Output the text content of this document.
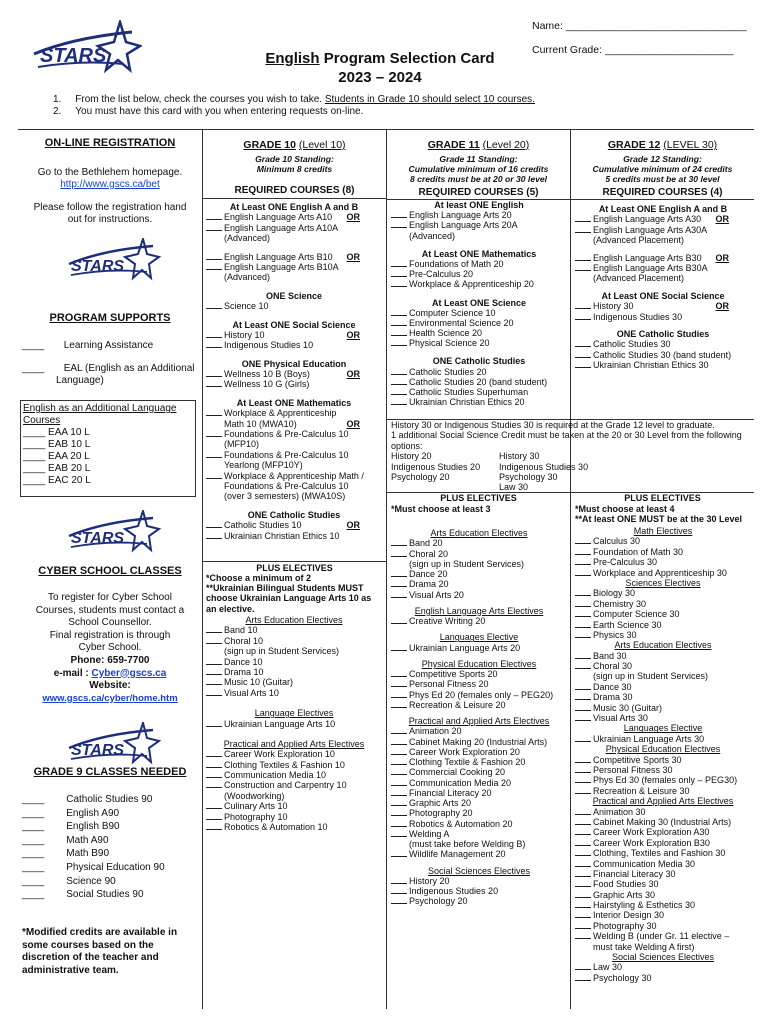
STARS	English Program Selection Card
2023 – 2024
Name: _______________________________
Current Grade: ______________________
1. From the list below, check the courses you wish to take. Students in Grade 10 should select 10 courses.
2. You must have this card with you when entering requests on-line.
ON-LINE REGISTRATION
Go to the Bethlehem homepage.
http://www.gscs.ca/bet
Please follow the registration hand
out for instructions.
STARS
PROGRAM SUPPORTS
____ Learning Assistance
____ EAL (English as an Additional
Language)
English as an Additional Language
Courses
____ EAA 10 L
____ EAB 10 L
____ EAA 20 L
____ EAB 20 L
____ EAC 20 L
STARS
CYBER SCHOOL CLASSES
To register for Cyber School
Courses, students must contact a
School Counsellor.
Final registration is through
Cyber School.
Phone: 659-7700
e-mail : Cyber@gscs.ca
Website:
www.gscs.ca/cyber/home.htm
STARS
GRADE 9 CLASSES NEEDED
____ Catholic Studies 90
____ English A90
____ English B90
____ Math A90
____ Math B90
____ Physical Education 90
____ Science 90
____ Social Studies 90
*Modified credits are available in
some courses based on the
discretion of the teacher and
administrative team.
GRADE 10 (Level 10)
Grade 10 Standing:
Minimum 8 credits
REQUIRED COURSES (8)
At Least ONE English A and B
English Language Arts A10 OR
English Language Arts A10A
(Advanced)
English Language Arts B10 OR
English Language Arts B10A
(Advanced)
ONE Science
Science 10
At Least ONE Social Science
History 10	OR
Indigenous Studies 10
ONE Physical Education
Wellness 10 B (Boys)	OR
Wellness 10 G (Girls)
At Least ONE Mathematics
Workplace & Apprenticeship
Math 10 (MWA10)	OR
Foundations & Pre-Calculus 10
(MFP10)
Foundations & Pre-Calculus 10
Yearlong (MFP10Y)
Workplace & Apprenticeship Math /
Foundations & Pre-Calculus 10
(over 3 semesters) (MWA10S)
ONE Catholic Studies
Catholic Studies 10	OR
Ukrainian Christian Ethics 10
PLUS ELECTIVES
*Choose a minimum of 2
**Ukrainian Bilingual Students MUST
choose Ukrainian Language Arts 10 as
an elective.
Arts Education Electives
Band 10
Choral 10
(sign up in Student Services)
Dance 10
Drama 10
Music 10 (Guitar)
Visual Arts 10
Language Electives
Ukrainian Language Arts 10
Practical and Applied Arts Electives
Career Work Exploration 10
Clothing Textiles & Fashion 10
Communication Media 10
Construction and Carpentry 10
(Woodworking)
Culinary Arts 10
Photography 10
Robotics & Automation 10
GRADE 11 (Level 20)
Grade 11 Standing:
Cumulative minimum of 16 credits
8 credits must be at 20 or 30 level
REQUIRED COURSES (5)
At least ONE English
English Language Arts 20
English Language Arts 20A
(Advanced)
At Least ONE Mathematics
Foundations of Math 20
Pre-Calculus 20
Workplace & Apprenticeship 20
At Least ONE Science
Computer Science 10
Environmental Science 20
Health Science 20
Physical Science 20
ONE Catholic Studies
Catholic Studies 20
Catholic Studies 20 (band student)
Catholic Studies Superhuman
Ukrainian Christian Ethics 20
History 30 or Indigenous Studies 30 is required at the Grade 12 level to graduate.
1 additional Social Science Credit must be taken at the 20 or 30 Level from the following
options:
History 20	History 30
Indigenous Studies 20	Indigenous Studies 30
Psychology 20	Psychology 30
Law 30
PLUS ELECTIVES
*Must choose at least 3
Arts Education Electives
Band 20
Choral 20
(sign up in Student Services)
Dance 20
Drama 20
Visual Arts 20
English Language Arts Electives
Creative Writing 20
Languages Elective
Ukrainian Language Arts 20
Physical Education Electives
Competitive Sports 20
Personal Fitness 20
Phys Ed 20 (females only – PEG20)
Recreation & Leisure 20
Practical and Applied Arts Electives
Animation 20
Cabinet Making 20 (Industrial Arts)
Career Work Exploration 20
Clothing Textile & Fashion 20
Commercial Cooking 20
Communication Media 20
Financial Literacy 20
Graphic Arts 20
Photography 20
Robotics & Automation 20
Welding A
(must take before Welding B)
Wildlife Management 20
Social Sciences Electives
History 20
Indigenous Studies 20
Psychology 20
GRADE 12 (LEVEL 30)
Grade 12 Standing:
Cumulative minimum of 24 credits
5 credits must be at 30 level
REQUIRED COURSES (4)
At Least ONE English A and B
English Language Arts A30 OR
English Language Arts A30A
(Advanced Placement)
English Language Arts B30 OR
English Language Arts B30A
(Advanced Placement)
At Least ONE Social Science
History 30	OR
Indigenous Studies 30
ONE Catholic Studies
Catholic Studies 30
Catholic Studies 30 (band student)
Ukrainian Christian Ethics 30
PLUS ELECTIVES
*Must choose at least 4
**At least ONE MUST be at the 30 Level
Math Electives
Calculus 30
Foundation of Math 30
Pre-Calculus 30
Workplace and Apprenticeship 30
Sciences Electives
Biology 30
Chemistry 30
Computer Science 30
Earth Science 30
Physics 30
Arts Education Electives
Band 30
Choral 30
(sign up in Student Services)
Dance 30
Drama 30
Music 30 (Guitar)
Visual Arts 30
Languages Elective
Ukrainian Language Arts 30
Physical Education Electives
Competitive Sports 30
Personal Fitness 30
Phys Ed 30 (females only – PEG30)
Recreation & Leisure 30
Practical and Applied Arts Electives
Animation 30
Cabinet Making 30 (Industrial Arts)
Career Work Exploration A30
Career Work Exploration B30
Clothing, Textiles and Fashion 30
Communication Media 30
Financial Literacy 30
Food Studies 30
Graphic Arts 30
Hairstyling & Esthetics 30
Interior Design 30
Photography 30
Welding B (under Gr. 11 elective –
must take Welding A first)
Social Sciences Electives
Law 30
Psychology 30
